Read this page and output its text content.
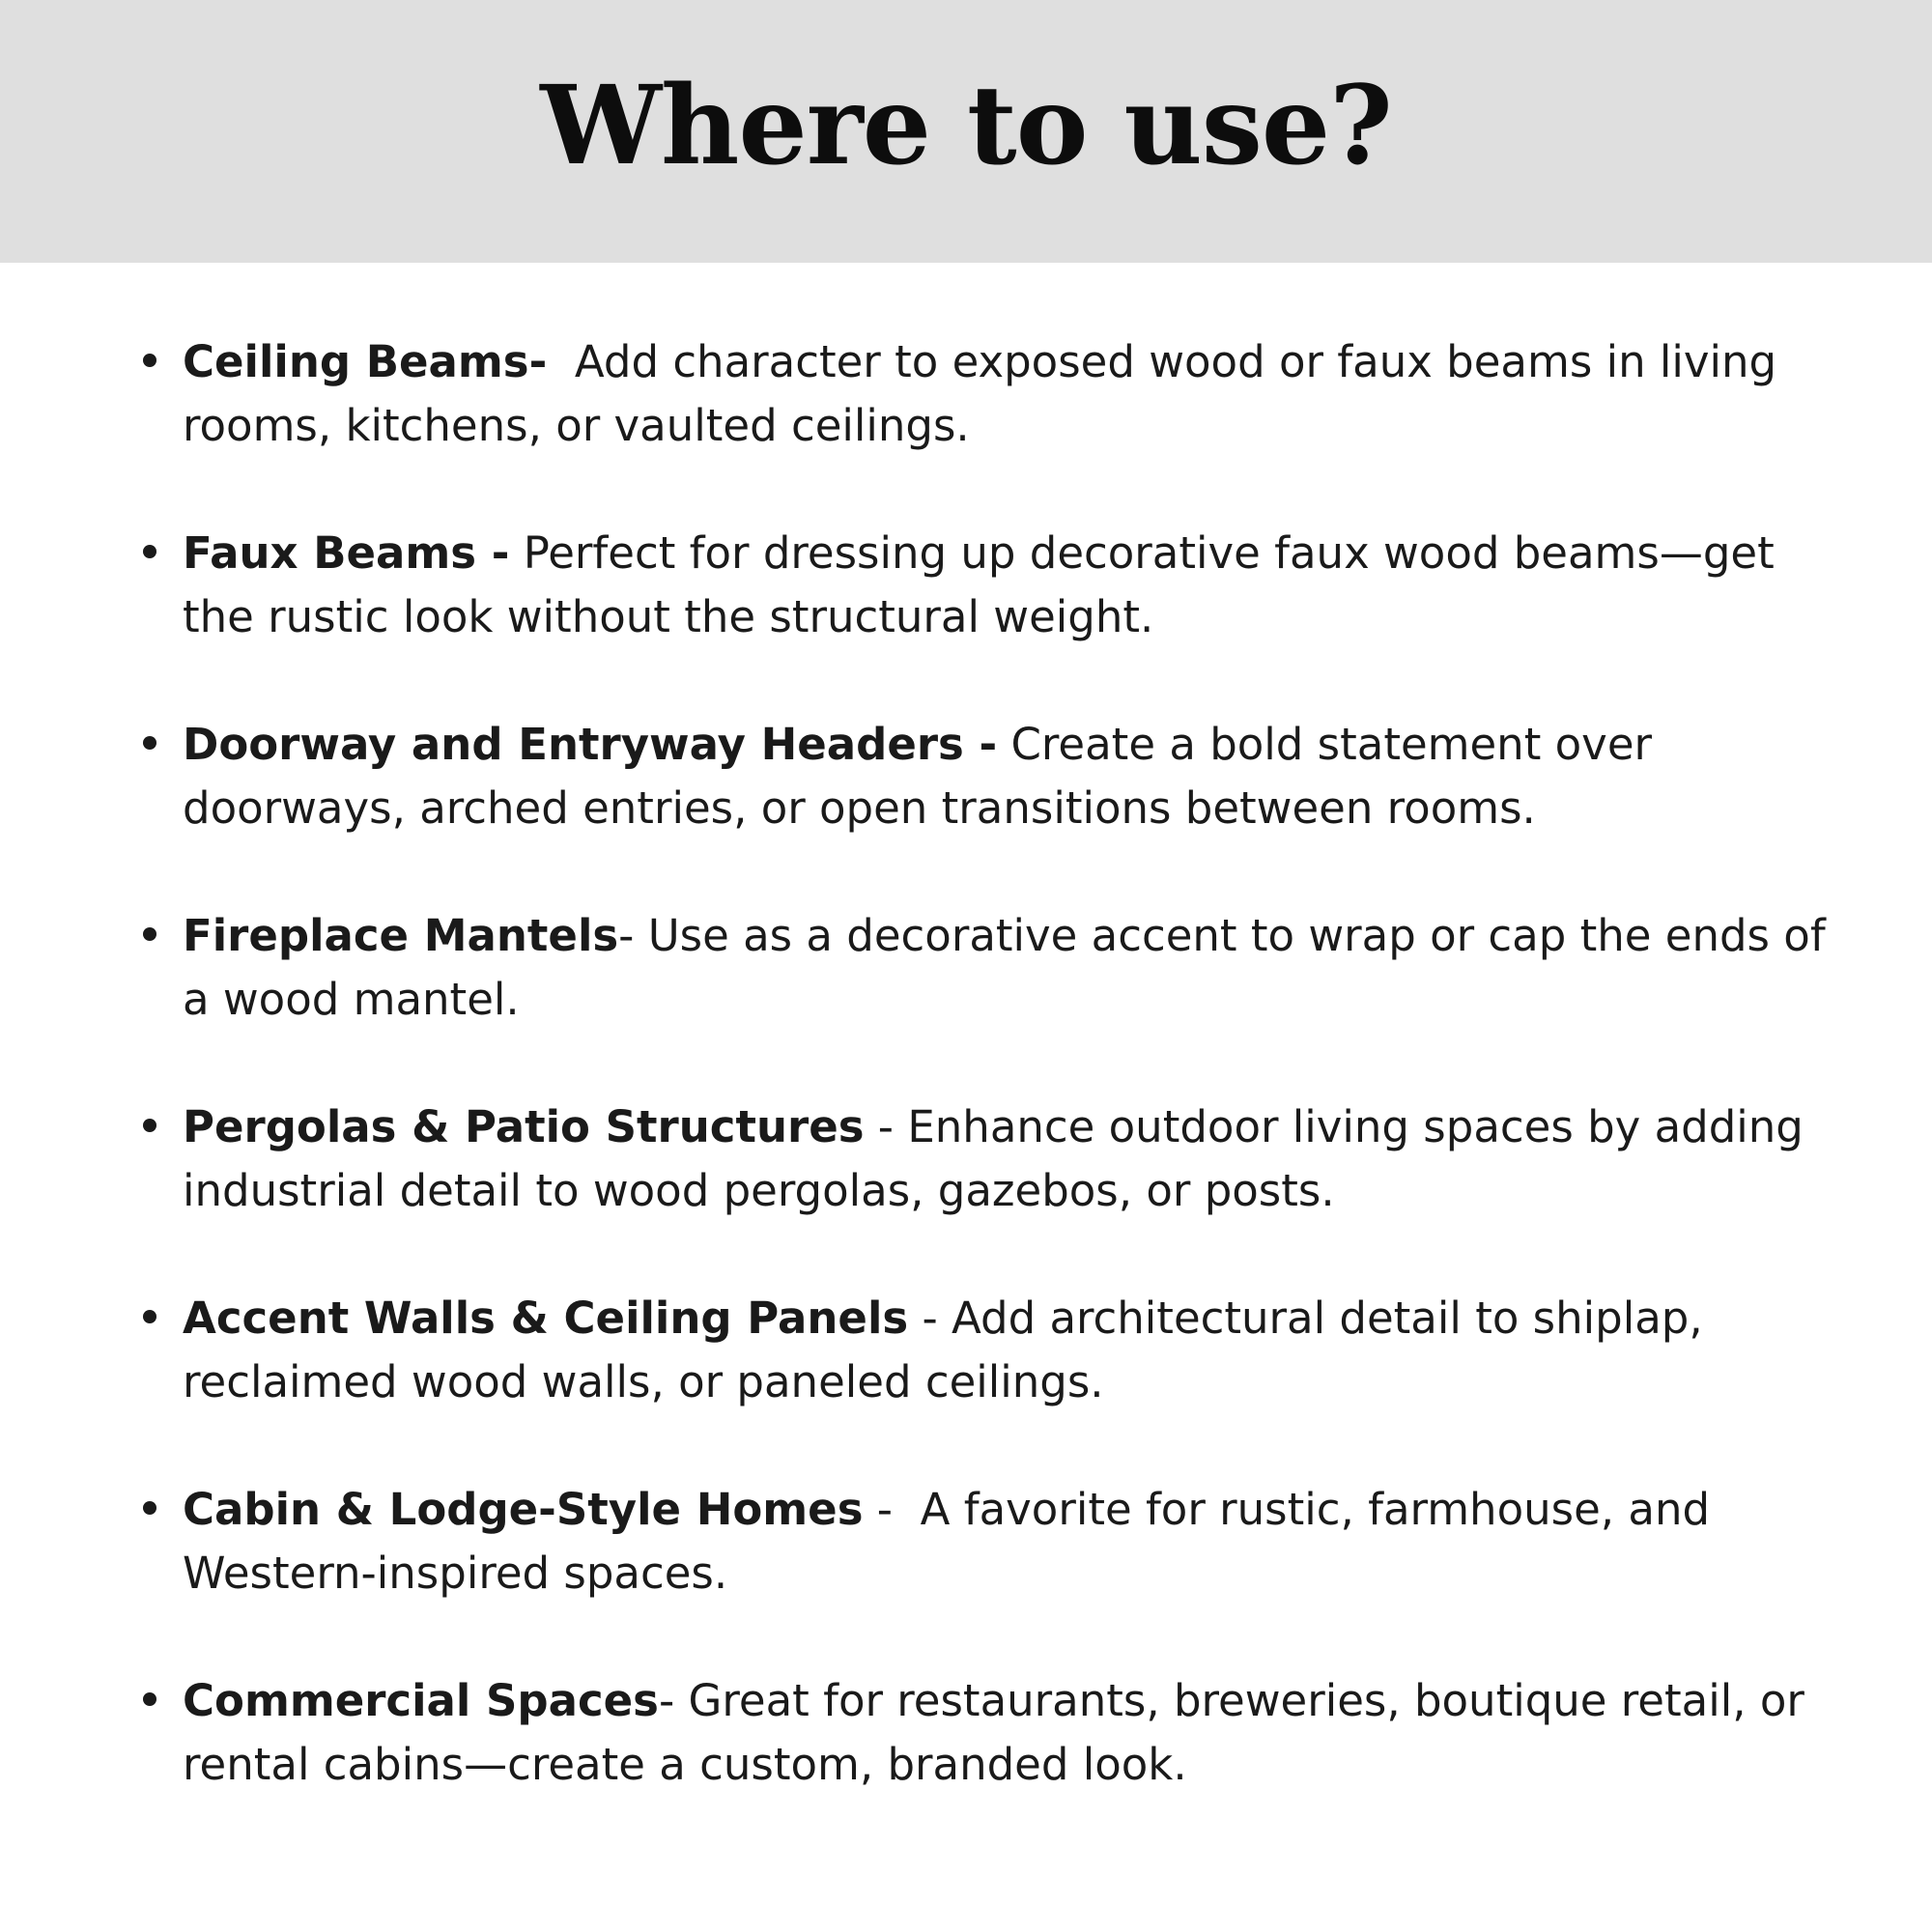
Where to use?
Ceiling Beams-  Add character to exposed wood or faux beams in living rooms, kitchens, or vaulted ceilings.
Faux Beams - Perfect for dressing up decorative faux wood beams—get the rustic look without the structural weight.
Doorway and Entryway Headers - Create a bold statement over doorways, arched entries, or open transitions between rooms.
Fireplace Mantels- Use as a decorative accent to wrap or cap the ends of a wood mantel.
Pergolas & Patio Structures - Enhance outdoor living spaces by adding industrial detail to wood pergolas, gazebos, or posts.
Accent Walls & Ceiling Panels - Add architectural detail to shiplap, reclaimed wood walls, or paneled ceilings.
Cabin & Lodge-Style Homes -  A favorite for rustic, farmhouse, and Western-inspired spaces.
Commercial Spaces- Great for restaurants, breweries, boutique retail, or rental cabins—create a custom, branded look.
